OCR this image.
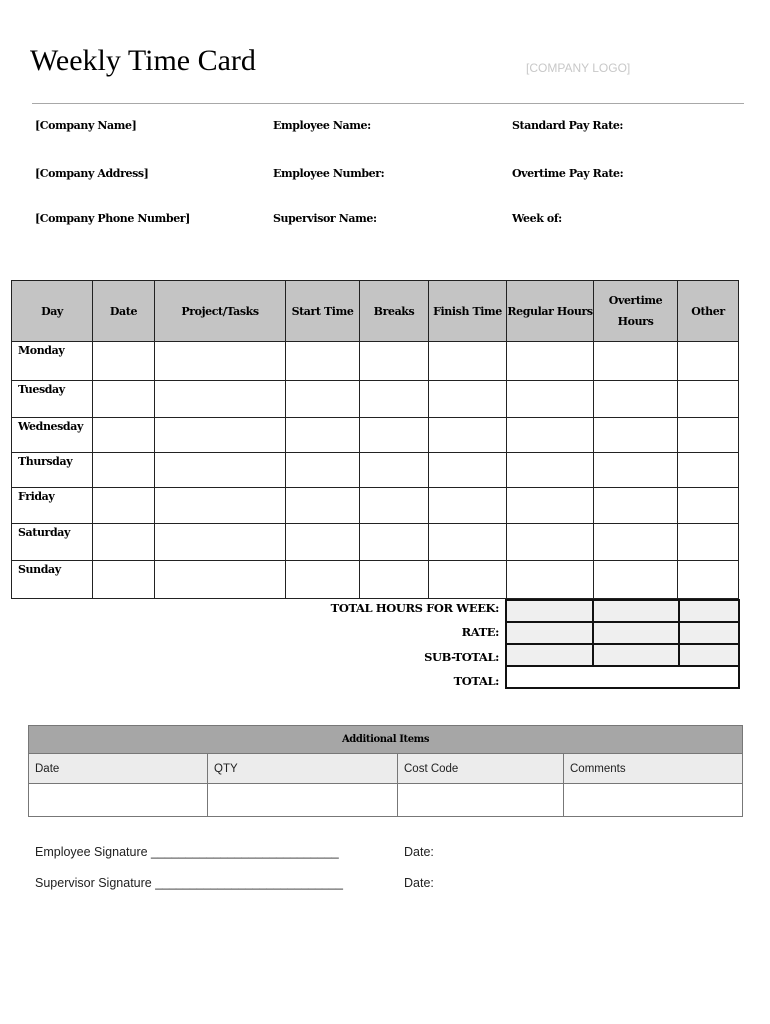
Weekly Time Card	[COMPANY LOGO]
[Company Name]
[Company Address]
[Company Phone Number]
Employee Name:
Employee Number:
Supervisor Name:
Standard Pay Rate:
Overtime Pay Rate:
Week of:
Day	Date	Project/Tasks	Start Time	Breaks	Finish Time	Regular Hours	Overtime Hours	Other
Monday								
Tuesday								
Wednesday								
Thursday								
Friday								
Saturday								
Sunday								
TOTAL HOURS FOR WEEK:
RATE:
SUB-TOTAL:
TOTAL:

Additional Items			
Date	QTY	Cost Code	Comments

Employee Signature ___________________________	Date:
Supervisor Signature ___________________________	Date:
